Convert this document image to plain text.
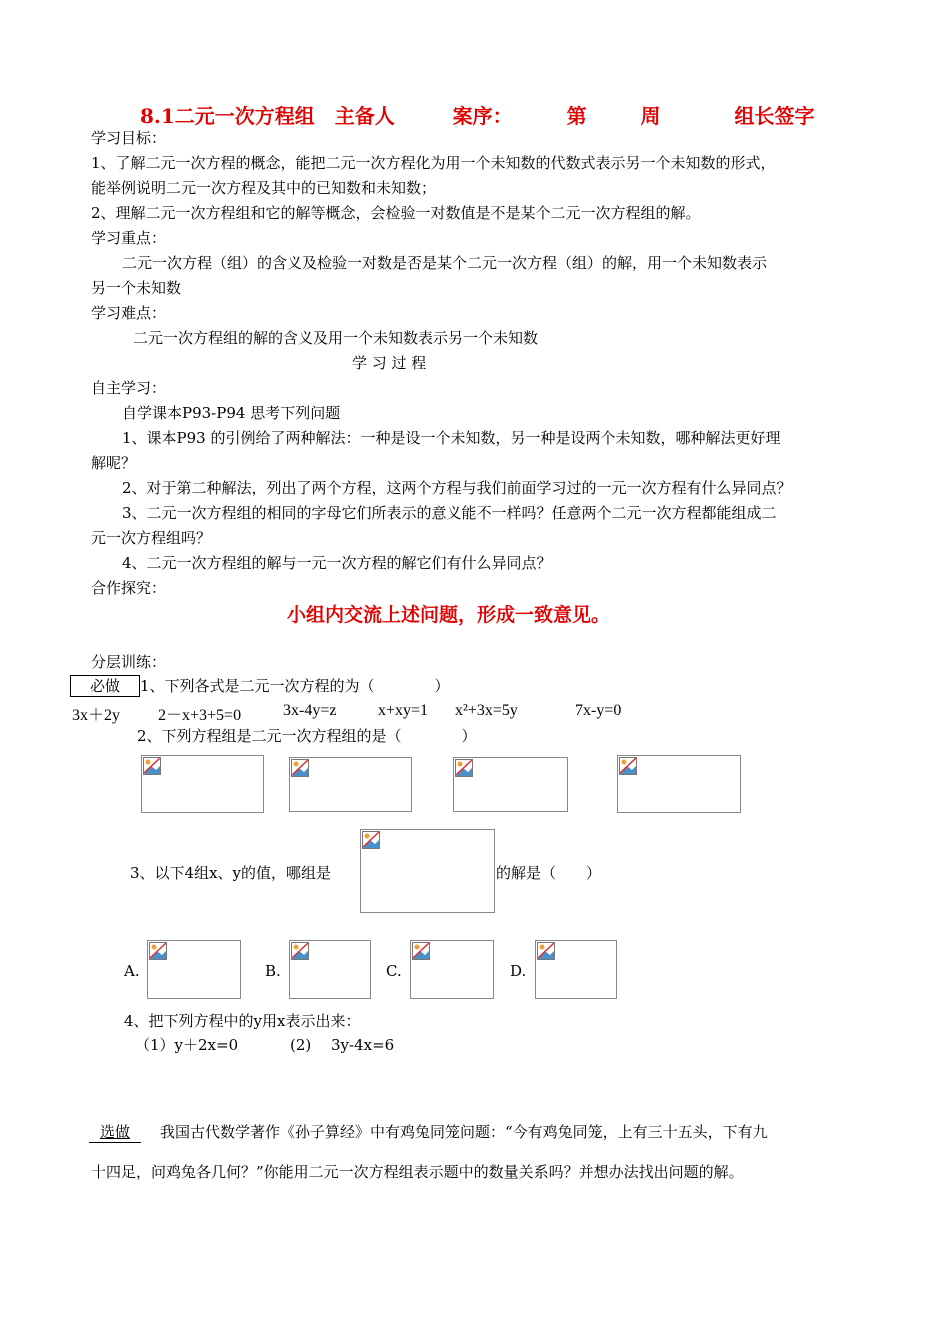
8.1二元一次方程组 主备人	案序：	第	周	组长签字
学习目标：
1、了解二元一次方程的概念，能把二元一次方程化为用一个未知数的代数式表示另一个未知数的形式，
能举例说明二元一次方程及其中的已知数和未知数；
2、理解二元一次方程组和它的解等概念，会检验一对数值是不是某个二元一次方程组的解。
学习重点：
二元一次方程（组）的含义及检验一对数是否是某个二元一次方程（组）的解，用一个未知数表示
另一个未知数
学习难点：
二元一次方程组的解的含义及用一个未知数表示另一个未知数
学 习 过 程
自主学习：
自学课本P93-P94 思考下列问题
1、课本P93 的引例给了两种解法：一种是设一个未知数，另一种是设两个未知数，哪种解法更好理
解呢？
2、对于第二种解法，列出了两个方程，这两个方程与我们前面学习过的一元一次方程有什么异同点？
3、二元一次方程组的相同的字母它们所表示的意义能不一样吗？任意两个二元一次方程都能组成二
元一次方程组吗？
4、二元一次方程组的解与一元一次方程的解它们有什么异同点？
合作探究：
小组内交流上述问题，形成一致意见。
分层训练：
必做	1、下列各式是二元一次方程的为（　　　　）
3x＋2y 2－x+3+5=0	3x-4y=z	x+xy=1 x²+3x=5y	7x-y=0
2、下列方程组是二元一次方程组的是（　　　　）
3、以下4组x、y的值，哪组是	的解是（　　）
A.	B.	C.	D.
4、把下列方程中的y用x表示出来：
（1）y＋2x=0	(2)　 3y-4x=6
选做	我国古代数学著作《孙子算经》中有鸡兔同笼问题：“今有鸡兔同笼，上有三十五头，下有九
十四足，问鸡兔各几何？”你能用二元一次方程组表示题中的数量关系吗？并想办法找出问题的解。
